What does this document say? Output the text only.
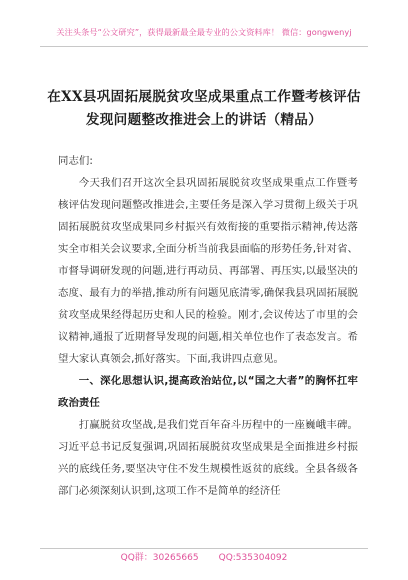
关注头条号“公文研究”，获得最新最全最专业的公文资料库！ 微信：gongwenyj
在XX县巩固拓展脱贫攻坚成果重点工作暨考核评估发现问题整改推进会上的讲话（精品）

同志们:

今天我们召开这次全县巩固拓展脱贫攻坚成果重点工作暨考核评估发现问题整改推进会,主要任务是深入学习贯彻上级关于巩固拓展脱贫攻坚成果同乡村振兴有效衔接的重要指示精神,传达落实全市相关会议要求,全面分析当前我县面临的形势任务,针对省、市督导调研发现的问题,进行再动员、再部署、再压实,以最坚决的态度、最有力的举措,推动所有问题见底清零,确保我县巩固拓展脱贫攻坚成果经得起历史和人民的检验。刚才,会议传达了市里的会议精神,通报了近期督导发现的问题,相关单位也作了表态发言。希望大家认真领会,抓好落实。下面,我讲四点意见。

一、深化思想认识,提高政治站位,以“国之大者”的胸怀扛牢政治责任

打赢脱贫攻坚战,是我们党百年奋斗历程中的一座巍峨丰碑。习近平总书记反复强调,巩固拓展脱贫攻坚成果是全面推进乡村振兴的底线任务,要坚决守住不发生规模性返贫的底线。全县各级各部门必须深刻认识到,这项工作不是简单的经济任

QQ群：30265665 QQ:535304092
